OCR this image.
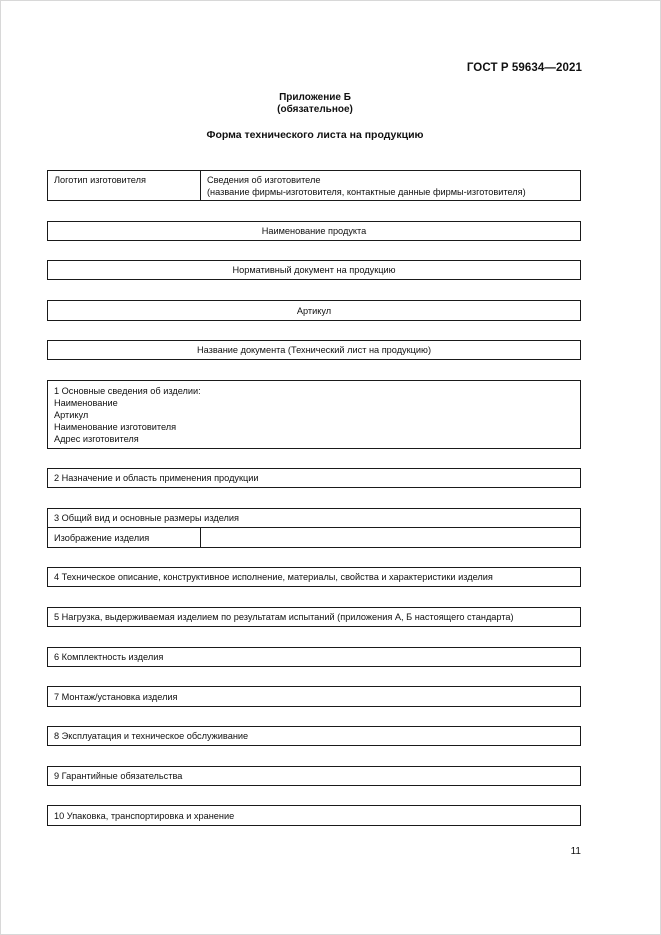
ГОСТ Р 59634—2021
Приложение Б
(обязательное)
Форма технического листа на продукцию
Логотип изготовителя	Сведения об изготовителе
(название фирмы-изготовителя, контактные данные фирмы-изготовителя)
Наименование продукта
Нормативный документ на продукцию
Артикул
Название документа (Технический лист на продукцию)
1 Основные сведения об изделии:
Наименование
Артикул
Наименование изготовителя
Адрес изготовителя
2 Назначение и область применения продукции
3 Общий вид и основные размеры изделия
Изображение изделия
4 Техническое описание, конструктивное исполнение, материалы, свойства и характеристики изделия
5 Нагрузка, выдерживаемая изделием по результатам испытаний (приложения А, Б настоящего стандарта)
6 Комплектность изделия
7 Монтаж/установка изделия
8 Эксплуатация и техническое обслуживание
9 Гарантийные обязательства
10 Упаковка, транспортировка и хранение
11
